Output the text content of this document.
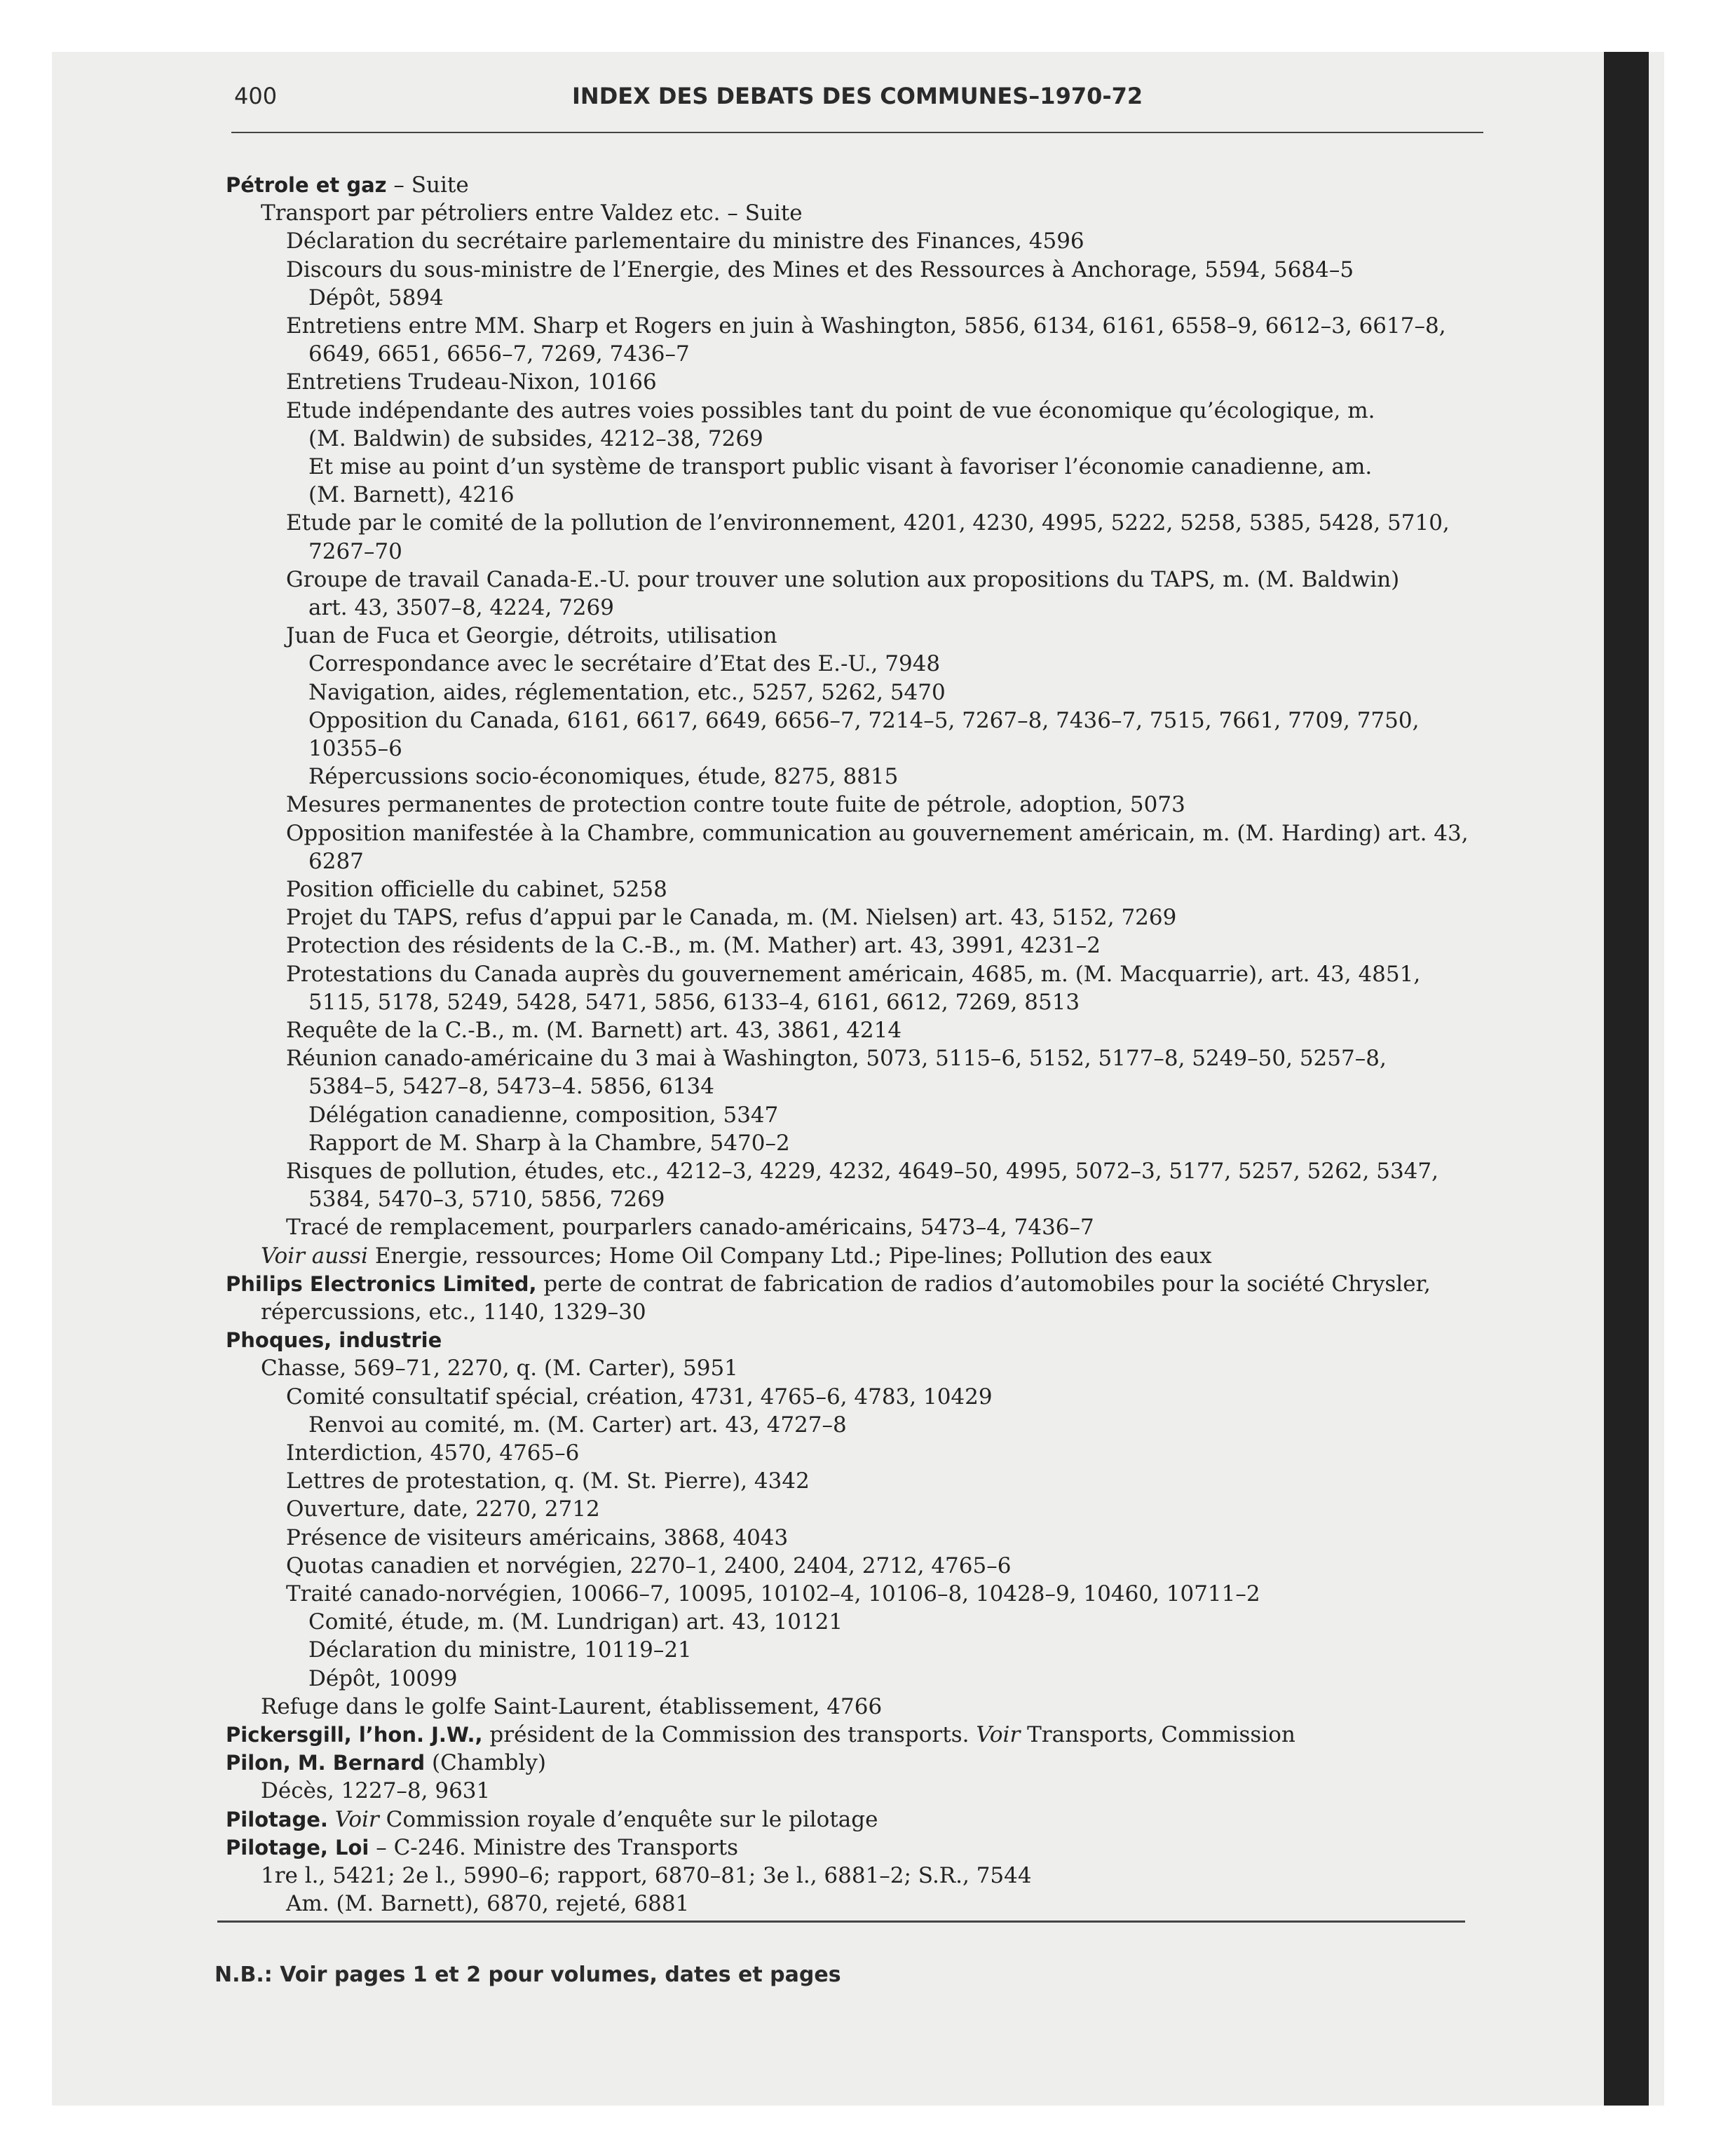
400	INDEX DES DEBATS DES COMMUNES–1970-72
Pétrole et gaz – Suite
Transport par pétroliers entre Valdez etc. – Suite
Déclaration du secrétaire parlementaire du ministre des Finances, 4596
Discours du sous-ministre de l’Energie, des Mines et des Ressources à Anchorage, 5594, 5684–5
Dépôt, 5894
Entretiens entre MM. Sharp et Rogers en juin à Washington, 5856, 6134, 6161, 6558–9, 6612–3, 6617–8,
6649, 6651, 6656–7, 7269, 7436–7
Entretiens Trudeau-Nixon, 10166
Etude indépendante des autres voies possibles tant du point de vue économique qu’écologique, m.
(M. Baldwin) de subsides, 4212–38, 7269
Et mise au point d’un système de transport public visant à favoriser l’économie canadienne, am.
(M. Barnett), 4216
Etude par le comité de la pollution de l’environnement, 4201, 4230, 4995, 5222, 5258, 5385, 5428, 5710,
7267–70
Groupe de travail Canada-E.-U. pour trouver une solution aux propositions du TAPS, m. (M. Baldwin)
art. 43, 3507–8, 4224, 7269
Juan de Fuca et Georgie, détroits, utilisation
Correspondance avec le secrétaire d’Etat des E.-U., 7948
Navigation, aides, réglementation, etc., 5257, 5262, 5470
Opposition du Canada, 6161, 6617, 6649, 6656–7, 7214–5, 7267–8, 7436–7, 7515, 7661, 7709, 7750,
10355–6
Répercussions socio-économiques, étude, 8275, 8815
Mesures permanentes de protection contre toute fuite de pétrole, adoption, 5073
Opposition manifestée à la Chambre, communication au gouvernement américain, m. (M. Harding) art. 43,
6287
Position officielle du cabinet, 5258
Projet du TAPS, refus d’appui par le Canada, m. (M. Nielsen) art. 43, 5152, 7269
Protection des résidents de la C.-B., m. (M. Mather) art. 43, 3991, 4231–2
Protestations du Canada auprès du gouvernement américain, 4685, m. (M. Macquarrie), art. 43, 4851,
5115, 5178, 5249, 5428, 5471, 5856, 6133–4, 6161, 6612, 7269, 8513
Requête de la C.-B., m. (M. Barnett) art. 43, 3861, 4214
Réunion canado-américaine du 3 mai à Washington, 5073, 5115–6, 5152, 5177–8, 5249–50, 5257–8,
5384–5, 5427–8, 5473–4. 5856, 6134
Délégation canadienne, composition, 5347
Rapport de M. Sharp à la Chambre, 5470–2
Risques de pollution, études, etc., 4212–3, 4229, 4232, 4649–50, 4995, 5072–3, 5177, 5257, 5262, 5347,
5384, 5470–3, 5710, 5856, 7269
Tracé de remplacement, pourparlers canado-américains, 5473–4, 7436–7
Voir aussi Energie, ressources; Home Oil Company Ltd.; Pipe-lines; Pollution des eaux
Philips Electronics Limited, perte de contrat de fabrication de radios d’automobiles pour la société Chrysler,
répercussions, etc., 1140, 1329–30
Phoques, industrie
Chasse, 569–71, 2270, q. (M. Carter), 5951
Comité consultatif spécial, création, 4731, 4765–6, 4783, 10429
Renvoi au comité, m. (M. Carter) art. 43, 4727–8
Interdiction, 4570, 4765–6
Lettres de protestation, q. (M. St. Pierre), 4342
Ouverture, date, 2270, 2712
Présence de visiteurs américains, 3868, 4043
Quotas canadien et norvégien, 2270–1, 2400, 2404, 2712, 4765–6
Traité canado-norvégien, 10066–7, 10095, 10102–4, 10106–8, 10428–9, 10460, 10711–2
Comité, étude, m. (M. Lundrigan) art. 43, 10121
Déclaration du ministre, 10119–21
Dépôt, 10099
Refuge dans le golfe Saint-Laurent, établissement, 4766
Pickersgill, l’hon. J.W., président de la Commission des transports. Voir Transports, Commission
Pilon, M. Bernard (Chambly)
Décès, 1227–8, 9631
Pilotage. Voir Commission royale d’enquête sur le pilotage
Pilotage, Loi – C-246. Ministre des Transports
1re l., 5421; 2e l., 5990–6; rapport, 6870–81; 3e l., 6881–2; S.R., 7544
Am. (M. Barnett), 6870, rejeté, 6881
N.B.: Voir pages 1 et 2 pour volumes, dates et pages
